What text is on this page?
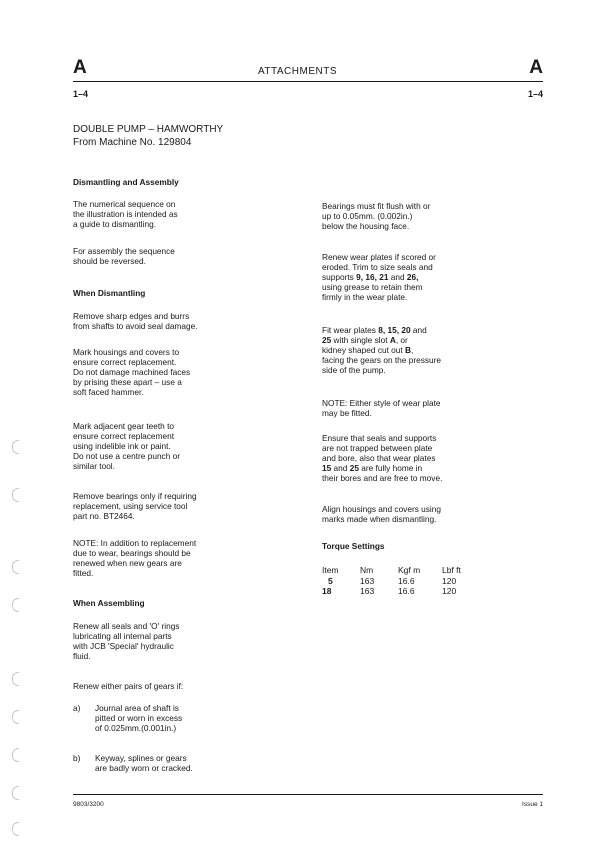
A	ATTACHMENTS	A
1–4	1–4
DOUBLE PUMP – HAMWORTHY
From Machine No. 129804

Dismantling and Assembly

The numerical sequence on

the illustration is intended as

a guide to dismantling.

For assembly the sequence

should be reversed.

When Dismantling

Remove sharp edges and burrs

from shafts to avoid seal damage.

Mark housings and covers to

ensure correct replacement.

Do not damage machined faces

by prising these apart – use a

soft faced hammer.

Mark adjacent gear teeth to

ensure correct replacement

using indelible ink or paint.

Do not use a centre punch or

similar tool.

Remove bearings only if requiring

replacement, using service tool

part no. BT2464.

NOTE: In addition to replacement

due to wear, bearings should be

renewed when new gears are

fitted.

When Assembling

Renew all seals and 'O' rings

lubricating all internal parts

with JCB 'Special' hydraulic

fluid.

Renew either pairs of gears if:

a) Journal area of shaft is

pitted or worn in excess

of 0.025mm.(0.001in.)

b) Keyway, splines or gears

are badly worn or cracked.

Bearings must fit flush with or

up to 0.05mm. (0.002in.)

below the housing face.

Renew wear plates if scored or

eroded. Trim to size seals and

supports 9, 16, 21 and 26,

using grease to retain them

firmly in the wear plate.

Fit wear plates 8, 15, 20 and

25 with single slot A, or

kidney shaped cut out B,

facing the gears on the pressure

side of the pump.

NOTE: Either style of wear plate

may be fitted.

Ensure that seals and supports

are not trapped between plate

and bore, also that wear plates

15 and 25 are fully home in

their bores and are free to move.

Align housings and covers using

marks made when dismantling.

Torque Settings

Item	Nm	Kgf m	Lbf ft
5	163	16.6	120
18	163	16.6	120
9803/3200	Issue 1
